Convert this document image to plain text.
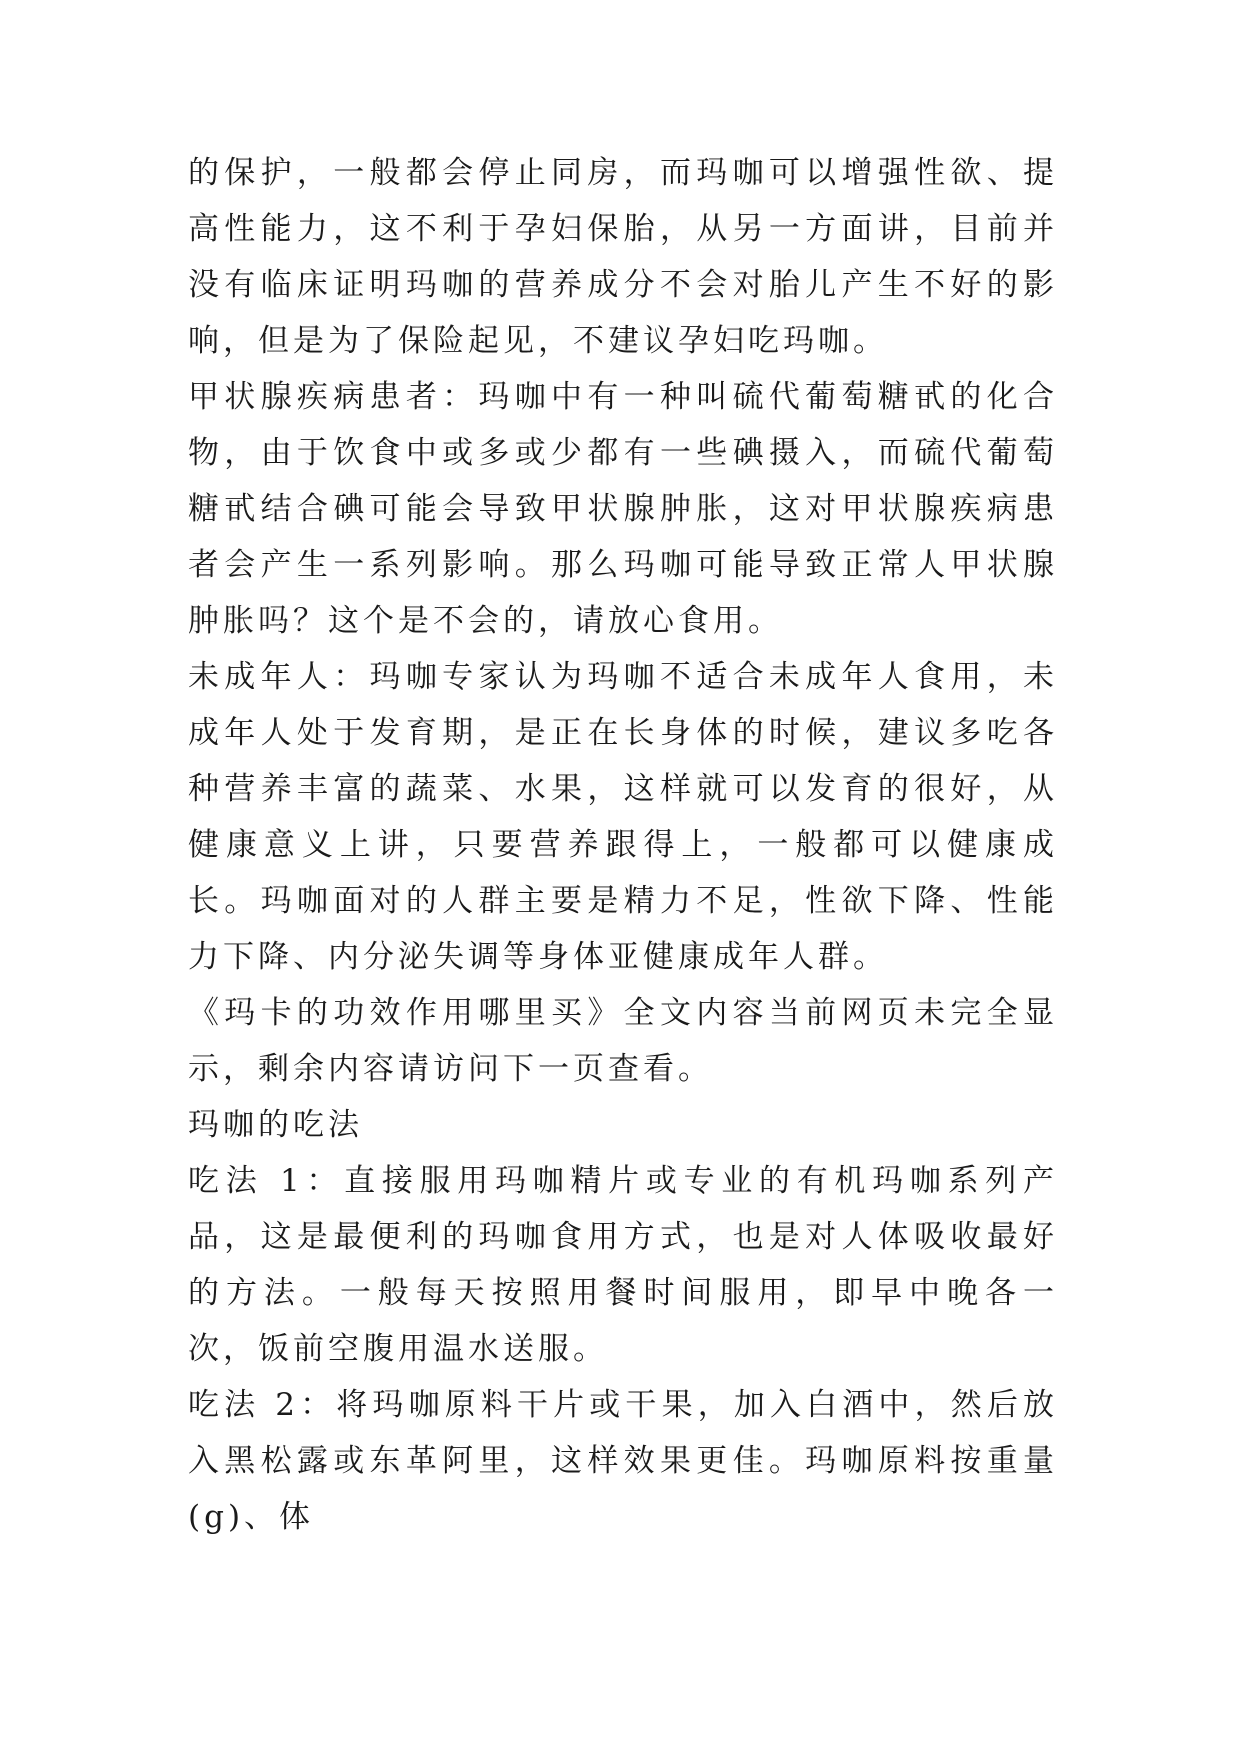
的保护，一般都会停止同房，而玛咖可以增强性欲、提高性能力，这不利于孕妇保胎，从另一方面讲，目前并没有临床证明玛咖的营养成分不会对胎儿产生不好的影响，但是为了保险起见，不建议孕妇吃玛咖。

甲状腺疾病患者：玛咖中有一种叫硫代葡萄糖甙的化合物，由于饮食中或多或少都有一些碘摄入，而硫代葡萄糖甙结合碘可能会导致甲状腺肿胀，这对甲状腺疾病患者会产生一系列影响。那么玛咖可能导致正常人甲状腺肿胀吗？这个是不会的，请放心食用。

未成年人：玛咖专家认为玛咖不适合未成年人食用，未成年人处于发育期，是正在长身体的时候，建议多吃各种营养丰富的蔬菜、水果，这样就可以发育的很好，从健康意义上讲，只要营养跟得上，一般都可以健康成长。玛咖面对的人群主要是精力不足，性欲下降、性能力下降、内分泌失调等身体亚健康成年人群。

《玛卡的功效作用哪里买》全文内容当前网页未完全显示，剩余内容请访问下一页查看。

玛咖的吃法

吃法 1：直接服用玛咖精片或专业的有机玛咖系列产品，这是最便利的玛咖食用方式，也是对人体吸收最好的方法。一般每天按照用餐时间服用，即早中晚各一次，饭前空腹用温水送服。

吃法 2：将玛咖原料干片或干果，加入白酒中，然后放入黑松露或东革阿里，这样效果更佳。玛咖原料按重量(g)、体
